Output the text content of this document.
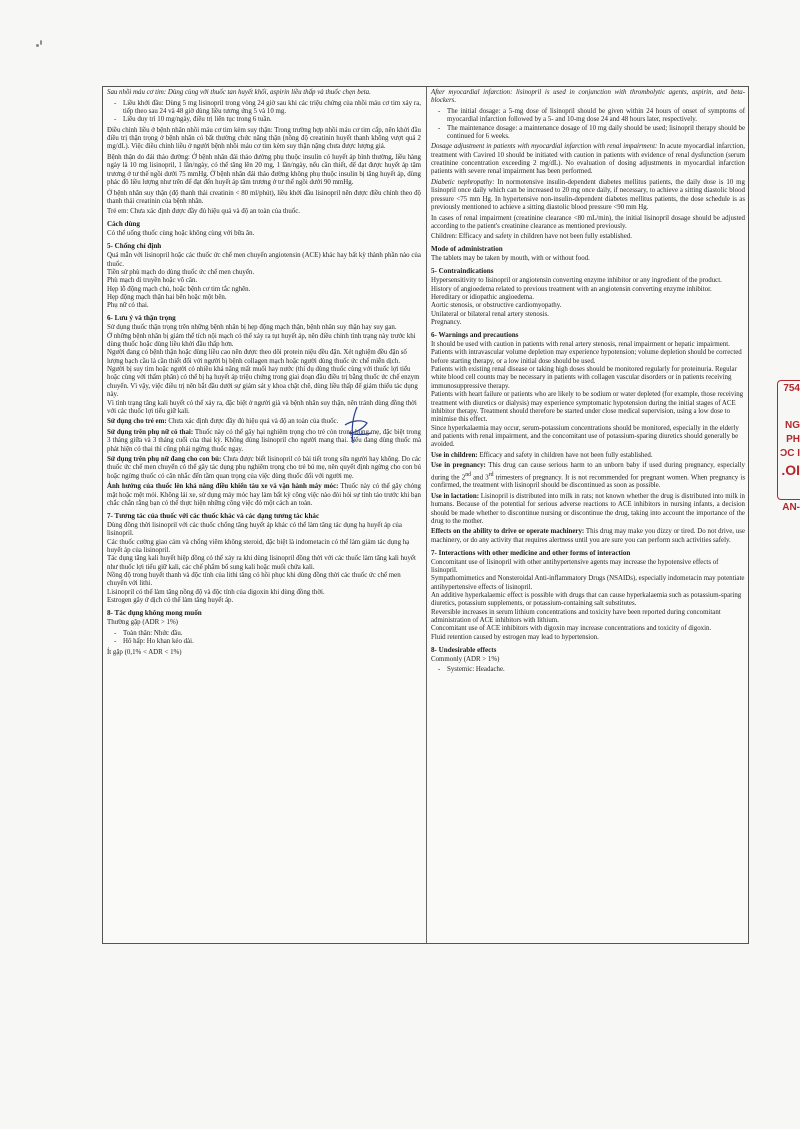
Sau nhồi máu cơ tim: Dùng cùng với thuốc tan huyết khối, aspirin liều thấp và thuốc chẹn beta.

- Liều khởi đầu: Dùng 5 mg lisinopril trong vòng 24 giờ sau khi các triệu chứng của nhồi máu cơ tim xảy ra, tiếp theo sau 24 và 48 giờ dùng liều tương ứng 5 và 10 mg.
- Liều duy trì 10 mg/ngày, điều trị liên tục trong 6 tuần.

Điều chỉnh liều ở bệnh nhân nhồi máu cơ tim kèm suy thận: Trong trường hợp nhồi máu cơ tim cấp, nên khởi đầu điều trị thận trọng ở bệnh nhân có bất thường chức năng thận (nồng độ creatinin huyết thanh không vượt quá 2 mg/dL). Việc điều chỉnh liều ở người bệnh nhồi máu cơ tim kèm suy thận nặng chưa được lượng giá.

Bệnh thận do đái tháo đường: Ở bệnh nhân đái tháo đường phụ thuộc insulin có huyết áp bình thường, liều hàng ngày là 10 mg lisinopril, 1 lần/ngày, có thể tăng lên 20 mg, 1 lần/ngày, nếu cần thiết, để đạt được huyết áp tâm trương ở tư thế ngồi dưới 75 mmHg. Ở bệnh nhân đái tháo đường không phụ thuộc insulin bị tăng huyết áp, dùng phác đồ liều lượng như trên để đạt đến huyết áp tâm trương ở tư thế ngồi dưới 90 mmHg.

Ở bệnh nhân suy thận (độ thanh thải creatinin < 80 ml/phút), liều khởi đầu lisinopril nên được điều chỉnh theo độ thanh thải creatinin của bệnh nhân.

Trẻ em: Chưa xác định được đầy đủ hiệu quả và độ an toàn của thuốc.

Cách dùng

Có thể uống thuốc cùng hoặc không cùng với bữa ăn.

5- Chống chỉ định

Quá mẫn với lisinopril hoặc các thuốc ức chế men chuyển angiotensin (ACE) khác hay bất kỳ thành phần nào của thuốc.
Tiền sử phù mạch do dùng thuốc ức chế men chuyển.
Phù mạch di truyền hoặc vô căn.
Hẹp lỗ động mạch chủ, hoặc bệnh cơ tim tắc nghẽn.
Hẹp động mạch thận hai bên hoặc một bên.
Phụ nữ có thai.

6- Lưu ý và thận trọng

Sử dụng thuốc thận trọng trên những bệnh nhân bị hẹp động mạch thận, bệnh nhân suy thận hay suy gan.
Ở những bệnh nhân bị giảm thể tích nội mạch có thể xảy ra tụt huyết áp, nên điều chỉnh tình trạng này trước khi dùng thuốc hoặc dùng liều khởi đầu thấp hơn.
Người đang có bệnh thận hoặc dùng liều cao nên được theo dõi protein niệu đều đặn. Xét nghiệm đều đặn số lượng bạch cầu là cần thiết đối với người bị bệnh collagen mạch hoặc người dùng thuốc ức chế miễn dịch.
Người bị suy tim hoặc người có nhiều khả năng mất muối hay nước (thí dụ dùng thuốc cùng với thuốc lợi tiểu hoặc cùng với thẩm phân) có thể bị hạ huyết áp triệu chứng trong giai đoạn đầu điều trị bằng thuốc ức chế enzym chuyển. Vì vậy, việc điều trị nên bắt đầu dưới sự giám sát y khoa chặt chẽ, dùng liều thấp để giảm thiểu tác dụng này.
Vì tình trạng tăng kali huyết có thể xảy ra, đặc biệt ở người già và bệnh nhân suy thận, nên tránh dùng đồng thời với các thuốc lợi tiểu giữ kali.

Sử dụng cho trẻ em: Chưa xác định được đầy đủ hiệu quả và độ an toàn của thuốc.

Sử dụng trên phụ nữ có thai: Thuốc này có thể gây hại nghiêm trọng cho trẻ còn trong bụng mẹ, đặc biệt trong 3 tháng giữa và 3 tháng cuối của thai kỳ. Không dùng lisinopril cho người mang thai. Nếu đang dùng thuốc mà phát hiện có thai thì cũng phải ngừng thuốc ngay.

Sử dụng trên phụ nữ đang cho con bú: Chưa được biết lisinopril có bài tiết trong sữa người hay không. Do các thuốc ức chế men chuyển có thể gây tác dụng phụ nghiêm trọng cho trẻ bú mẹ, nên quyết định ngừng cho con bú hoặc ngừng thuốc có cân nhắc đến tầm quan trọng của việc dùng thuốc đối với người mẹ.

Ảnh hưởng của thuốc lên khả năng điều khiển tàu xe và vận hành máy móc: Thuốc này có thể gây chóng mặt hoặc mệt mỏi. Không lái xe, sử dụng máy móc hay làm bất kỳ công việc nào đòi hỏi sự tỉnh táo trước khi bạn chắc chắn rằng bạn có thể thực hiện những công việc đó một cách an toàn.

7- Tương tác của thuốc với các thuốc khác và các dạng tương tác khác

Dùng đồng thời lisinopril với các thuốc chống tăng huyết áp khác có thể làm tăng tác dụng hạ huyết áp của lisinopril.
Các thuốc cường giao cảm và chống viêm không steroid, đặc biệt là indometacin có thể làm giảm tác dụng hạ huyết áp của lisinopril.
Tác dụng tăng kali huyết hiệp đồng có thể xảy ra khi dùng lisinopril đồng thời với các thuốc làm tăng kali huyết như thuốc lợi tiểu giữ kali, các chế phẩm bổ sung kali hoặc muối chứa kali.
Nồng độ trong huyết thanh và độc tính của lithi tăng có hồi phục khi dùng đồng thời các thuốc ức chế men chuyển với lithi.
Lisinopril có thể làm tăng nồng độ và độc tính của digoxin khi dùng đồng thời.
Estrogen gây ứ dịch có thể làm tăng huyết áp.

8- Tác dụng không mong muốn

Thường gặp (ADR > 1%)

- Toàn thân: Nhức đầu.
- Hô hấp: Ho khan kéo dài.

Ít gặp (0,1% < ADR < 1%)

After myocardial infarction: lisinopril is used in conjunction with thrombolytic agents, aspirin, and beta-blockers.

- The initial dosage: a 5-mg dose of lisinopril should be given within 24 hours of onset of symptoms of myocardial infarction followed by a 5- and 10-mg dose 24 and 48 hours later, respectively.
- The maintenance dosage: a maintenance dosage of 10 mg daily should be used; lisinopril therapy should be continued for 6 weeks.

Dosage adjustment in patients with myocardial infarction with renal impairment: In acute myocardial infarction, treatment with Cavired 10 should be initiated with caution in patients with evidence of renal dysfunction (serum creatinine concentration exceeding 2 mg/dL). No evaluation of dosing adjustments in myocardial infarction patients with severe renal impairment has been performed.

Diabetic nephropathy: In normotensive insulin-dependent diabetes mellitus patients, the daily dose is 10 mg lisinopril once daily which can be increased to 20 mg once daily, if necessary, to achieve a sitting diastolic blood pressure <75 mm Hg. In hypertensive non-insulin-dependent diabetes mellitus patients, the dose schedule is as previously mentioned to achieve a sitting diastolic blood pressure <90 mm Hg.

In cases of renal impairment (creatinine clearance <80 mL/min), the initial lisinopril dosage should be adjusted according to the patient's creatinine clearance as mentioned previously.

Children: Efficacy and safety in children have not been fully established.

Mode of administration

The tablets may be taken by mouth, with or without food.

5- Contraindications

Hypersensitivity to lisinopril or angiotensin converting enzyme inhibitor or any ingredient of the product.
History of angioedema related to previous treatment with an angiotensin converting enzyme inhibitor.
Hereditary or idiopathic angioedema.
Aortic stenosis, or obstructive cardiomyopathy.
Unilateral or bilateral renal artery stenosis.
Pregnancy.

6- Warnings and precautions

It should be used with caution in patients with renal artery stenosis, renal impairment or hepatic impairment.
Patients with intravascular volume depletion may experience hypotension; volume depletion should be corrected before starting therapy, or a low initial dose should be used.
Patients with existing renal disease or taking high doses should be monitored regularly for proteinuria. Regular white blood cell counts may be necessary in patients with collagen vascular disorders or in patients receiving immunosuppressive therapy.
Patients with heart failure or patients who are likely to be sodium or water depleted (for example, those receiving treatment with diuretics or dialysis) may experience symptomatic hypotension during the initial stages of ACE inhibitor therapy. Treatment should therefore be started under close medical supervision, using a low dose to minimise this effect.
Since hyperkalaemia may occur, serum-potassium concentrations should be monitored, especially in the elderly and patients with renal impairment, and the concomitant use of potassium-sparing diuretics should generally be avoided.

Use in children: Efficacy and safety in children have not been fully established.

Use in pregnancy: This drug can cause serious harm to an unborn baby if used during pregnancy, especially during the 2nd and 3rd trimesters of pregnancy. It is not recommended for pregnant women. When pregnancy is confirmed, the treatment with lisinopril should be discontinued as soon as possible.

Use in lactation: Lisinopril is distributed into milk in rats; not known whether the drug is distributed into milk in humans. Because of the potential for serious adverse reactions to ACE inhibitors in nursing infants, a decision should be made whether to discontinue nursing or discontinue the drug, taking into account the importance of the drug to the mother.

Effects on the ability to drive or operate machinery: This drug may make you dizzy or tired. Do not drive, use machinery, or do any activity that requires alertness until you are sure you can perform such activities safely.

7- Interactions with other medicine and other forms of interaction

Concomitant use of lisinopril with other antihypertensive agents may increase the hypotensive effects of lisinopril.
Sympathomimetics and Nonsteroidal Anti-inflammatory Drugs (NSAIDs), especially indometacin may potentiate antihypertensive effects of lisinopril.
An additive hyperkalaemic effect is possible with drugs that can cause hyperkalaemia such as potassium-sparing diuretics, potassium supplements, or potassium-containing salt substitutes.
Reversible increases in serum lithium concentrations and toxicity have been reported during concomitant administration of ACE inhibitors with lithium.
Concomitant use of ACE inhibitors with digoxin may increase concentrations and toxicity of digoxin.
Fluid retention caused by estrogen may lead to hypertension.

8- Undesirable effects

Commonly (ADR > 1%)

- Systemic: Headache.
754
NG
PH
ƆC I
.OI
AN-
